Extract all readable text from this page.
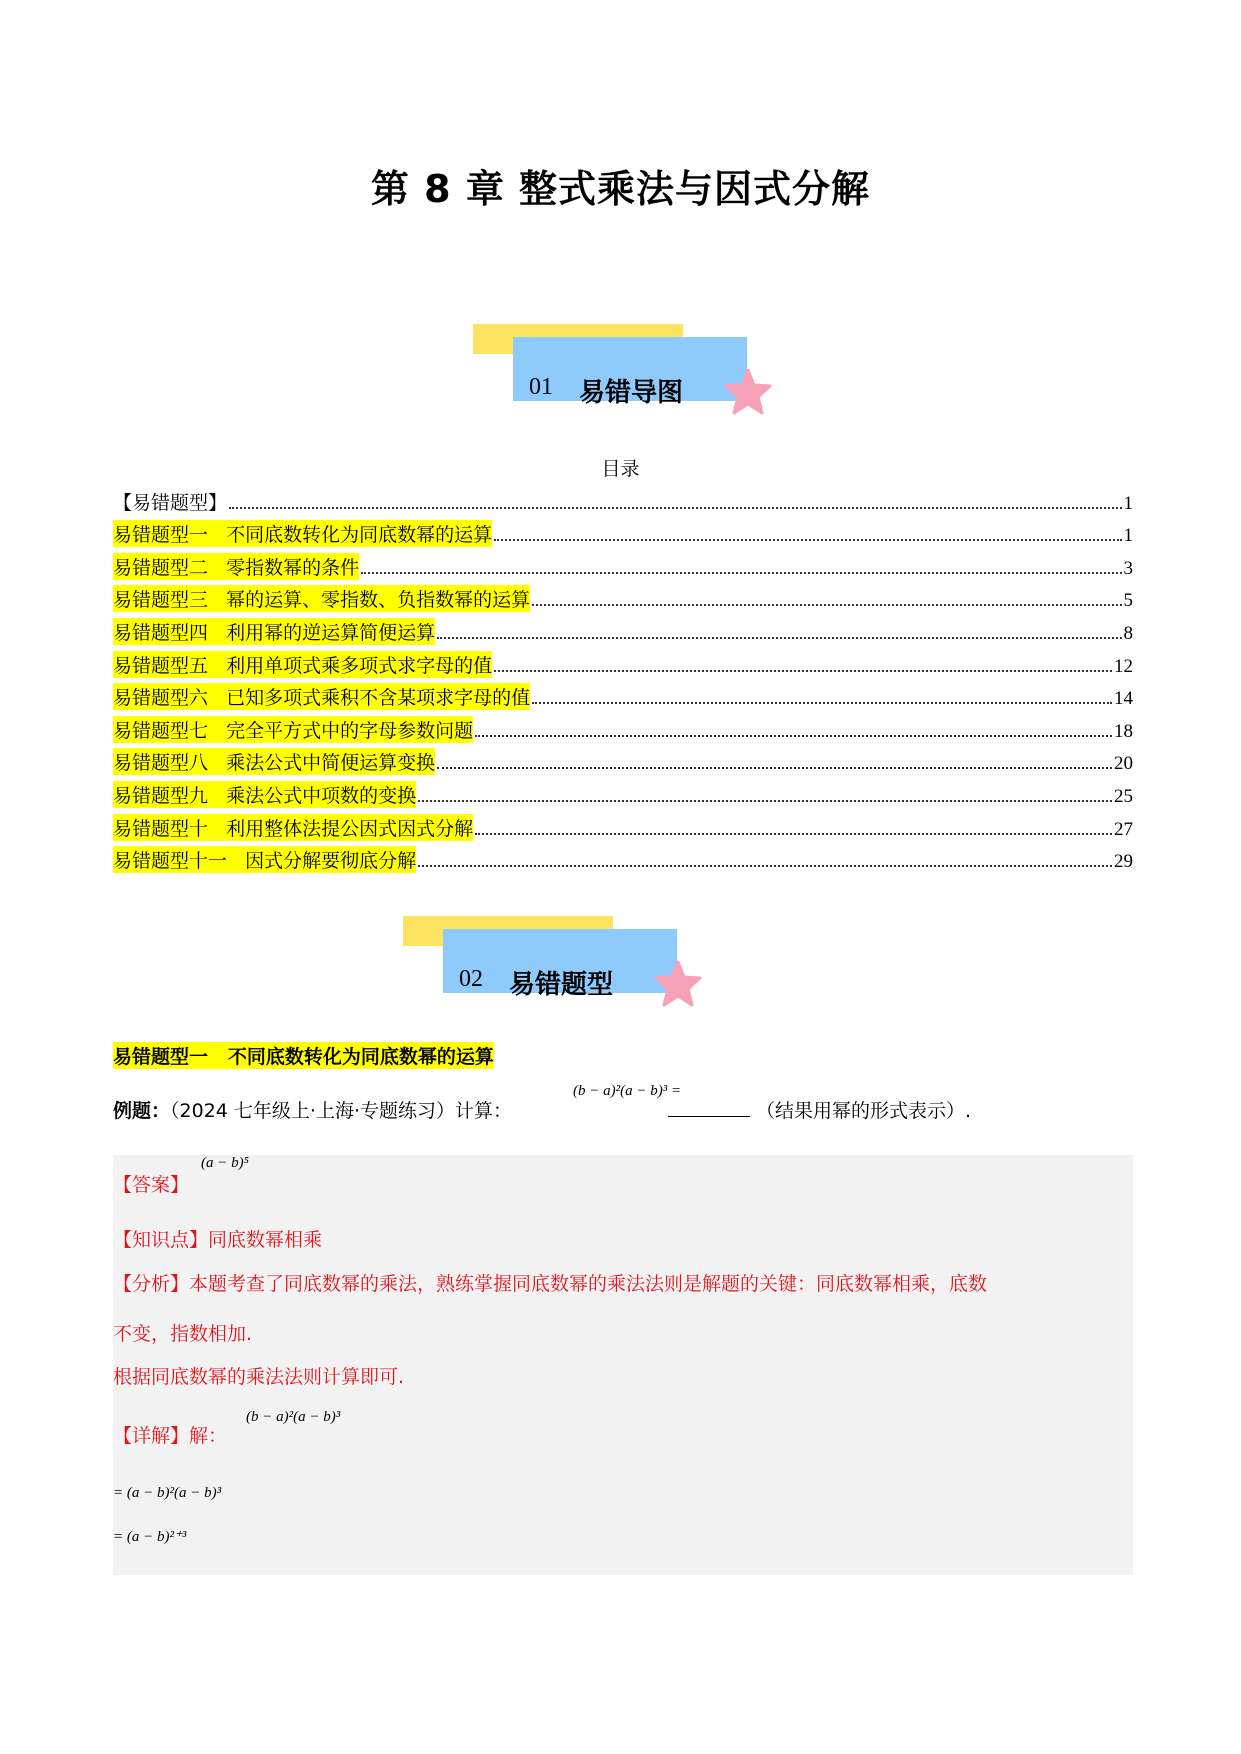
第 8 章 整式乘法与因式分解
01 易错导图
目录
【易错题型】	1
易错题型一   不同底数转化为同底数幂的运算	1
易错题型二   零指数幂的条件	3
易错题型三   幂的运算、零指数、负指数幂的运算	5
易错题型四   利用幂的逆运算简便运算	8
易错题型五   利用单项式乘多项式求字母的值	12
易错题型六   已知多项式乘积不含某项求字母的值	14
易错题型七   完全平方式中的字母参数问题	18
易错题型八   乘法公式中简便运算变换	20
易错题型九   乘法公式中项数的变换	25
易错题型十   利用整体法提公因式因式分解	27
易错题型十一   因式分解要彻底分解	29
02 易错题型
易错题型一   不同底数转化为同底数幂的运算
(b − a)²(a − b)³ =
例题：（2024 七年级上·上海·专题练习）计算：	（结果用幂的形式表示）.
【答案】
(a − b)⁵
【知识点】同底数幂相乘
【分析】本题考查了同底数幂的乘法，熟练掌握同底数幂的乘法法则是解题的关键：同底数幂相乘，底数
不变，指数相加.
根据同底数幂的乘法法则计算即可.
【详解】解：
(b − a)²(a − b)³
= (a − b)²(a − b)³
= (a − b)²⁺³
